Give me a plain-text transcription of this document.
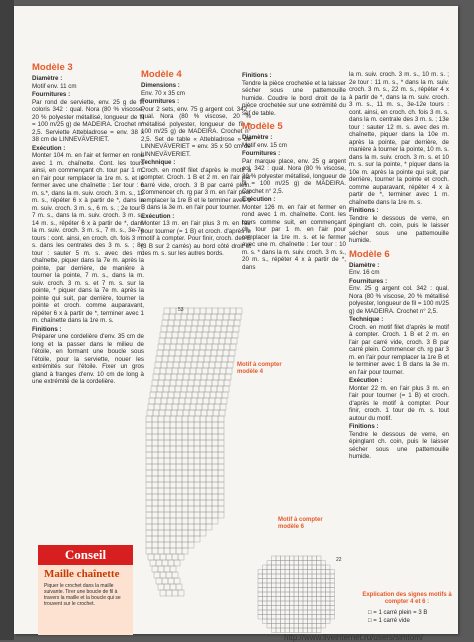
Modèle 3
Diamètre :

Motif env. 11 cm

Fournitures :

Par rond de serviette, env. 25 g de fil coloris 342 : qual. Nora (80 % viscose, 20 % polyester métallisé, longueur de fil = 100 m/25 g) de MADEIRA. Crochet n° 2,5. Serviette Attebladrose = env. 38 x 38 cm de LINNEVÄVERIET.

Exécution :

Monter 104 m. en l'air et fermer en rond avec 1 m. chaînette. Cont. les tours ainsi, en commençant ch. tour par 1 m. en l'air pour remplacer la 1re m. s. et le fermer avec une chaînette : 1er tour : 6 m. s.*, dans la m. suiv. croch. 3 m. s., 12 m. s., répéter 6 x à partir de *, dans la m. suiv. croch. 3 m. s., 6 m. s. ; 2e tour : 7 m. s., dans la m. suiv. croch. 3 m. s., 14 m. s., répéter 6 x à partir de *, dans la m. suiv. croch. 3 m. s., 7 m. s., 3e-7e tours : cont. ainsi, en croch. ch. fois 3 m. s. dans les centrales des 3 m. s. ; 8e tour : sauter 5 m. s. avec des m. chaînette, piquer dans la 7e m. après la pointe, par derrière, de manière à tourner la pointe, 7 m. s., dans la m. suiv. croch. 3 m. s. et 7 m. s. sur la pointe, * piquer dans la 7e m. après la pointe qui suit, par derrière, tourner la pointe et croch. comme auparavant, répéter 6 x à partir de *, terminer avec 1 m. chaînette dans la 1re m. s.

Finitions :

Préparer une cordelière d'env. 35 cm de long et la passer dans le milieu de l'étoile, en formant une boucle sous l'étoile, pour la serviette, nouer les extrémités sur l'étoile. Fixer un gros gland à franges d'env. 10 cm de long à une extrémité de la cordelière.

Modèle 4
Dimensions :

Env. 70 x 35 cm

Fournitures :

Pour 2 sets, env. 75 g argent col. 342 : qual. Nora (80 % viscose, 20 % métallisé polyester, longueur de fil = 100 m/25 g) de MADEIRA. Crochet n° 2,5. Set de table « Attebladrose » de LINNEVÄVERIET = env. 35 x 50 cm de LINNEVÄVERIET.

Technique :

Croch. en motif filet d'après le motif à compter. Croch. 1 B et 2 m. en l'air par carré vide, croch. 3 B par carré plein. Commencer ch. rg par 3 m. en l'air pour remplacer la 1re B et le terminer avec 1 B dans la 3e m. en l'air pour tourner.

Exécution :

Monter 13 m. en l'air plus 3 m. en l'air pour tourner (= 1 B) et croch. d'après le motif à compter. Pour finir, croch. des B (3 B sur 2 carrés) au bord côté droit et des m. s. sur les autres bords.

Finitions :

Tendre la pièce crochetée et la laisser sécher sous une pattemouille humide. Coudre le bord droit de la pièce crochetée sur une extrémité du set de table.

Modèle 5
Diamètre :

Motif env. 15 cm

Fournitures :

Par marque place, env. 25 g argent col. 342 : qual. Nora (80 % viscose, 20 % polyester métallisé, longueur de fil = 100 m/25 g) de MADEIRA. Crochet n° 2,5.

Exécution :

Monter 126 m. en l'air et fermer en rond avec 1 m. chaînette. Cont. les tours comme suit, en commençant ch. tour par 1 m. en l'air pour remplacer la 1re m. s. et le fermer avec une m. chaînette : 1er tour : 10 m. s. * dans la m. suiv. croch. 3 m. s., 20 m. s., répéter 4 x à partir de *, dans

la m. suiv. croch. 3 m. s., 10 m. s. ; 2e tour : 11 m. s., * dans la m. suiv. croch. 3 m. s., 22 m. s., répéter 4 x à partir de *, dans la m. suiv. croch. 3 m. s., 11 m. s., 3e-12e tours : cont. ainsi, en croch. ch. fois 3 m. s. dans la m. centrale des 3 m. s. ; 13e tour : sauter 12 m. s. avec des m. chaînette, piquer dans la 10e m. après la pointe, par derrière, de manière à tourner la pointe, 10 m. s. dans la m. suiv. croch. 3 m. s. et 10 m. s. sur la pointe, * piquer dans la 10e m. après la pointe qui suit, par derrière, tourner la pointe et croch. comme auparavant, répéter 4 x à partir de *, terminer avec 1 m. chaînette dans la 1re m. s.

Finitions :

Tendre le dessous de verre, en épinglant ch. coin, puis le laisser sécher sous une pattemouille humide.

Modèle 6
Diamètre :

Env. 16 cm

Fournitures :

Env. 25 g argent col. 342 : qual. Nora (80 % viscose, 20 % métallisé polyester, longueur de fil = 100 m/25 g) de MADEIRA. Crochet n° 2,5.

Technique :

Croch. en motif filet d'après le motif à compter. Croch. 1 B et 2 m. en l'air par carré vide, croch. 3 B par carré plein. Commencer ch. rg par 3 m. en l'air pour remplacer la 1re B et le terminer avec 1 B dans la 3e m. en l'air pour tourner.

Exécution :

Monter 22 m. en l'air plus 3 m. en l'air pour tourner (= 1 B) et croch. d'après le motif à compter. Pour finir, croch. 1 tour de m. s. tout autour du motif.

Finitions :

Tendre le dessous de verre, en épinglant ch. coin, puis le laisser sécher sous une pattemouille humide.

53
Motif à compter modèle 4
Motif à compter modèle 6
22
Explication des signes motifs à compter 4 et 6 :
□ = 1 carré plein = 3 B
□ = 1 carré vide
Conseil
Maille chaînette
Piquer le crochet dans la maille suivante. Tirer une boucle de fil à travers la maille et la boucle qui se trouvent sur le crochet.
http://www.liveinternet.ru/users/simtom/
